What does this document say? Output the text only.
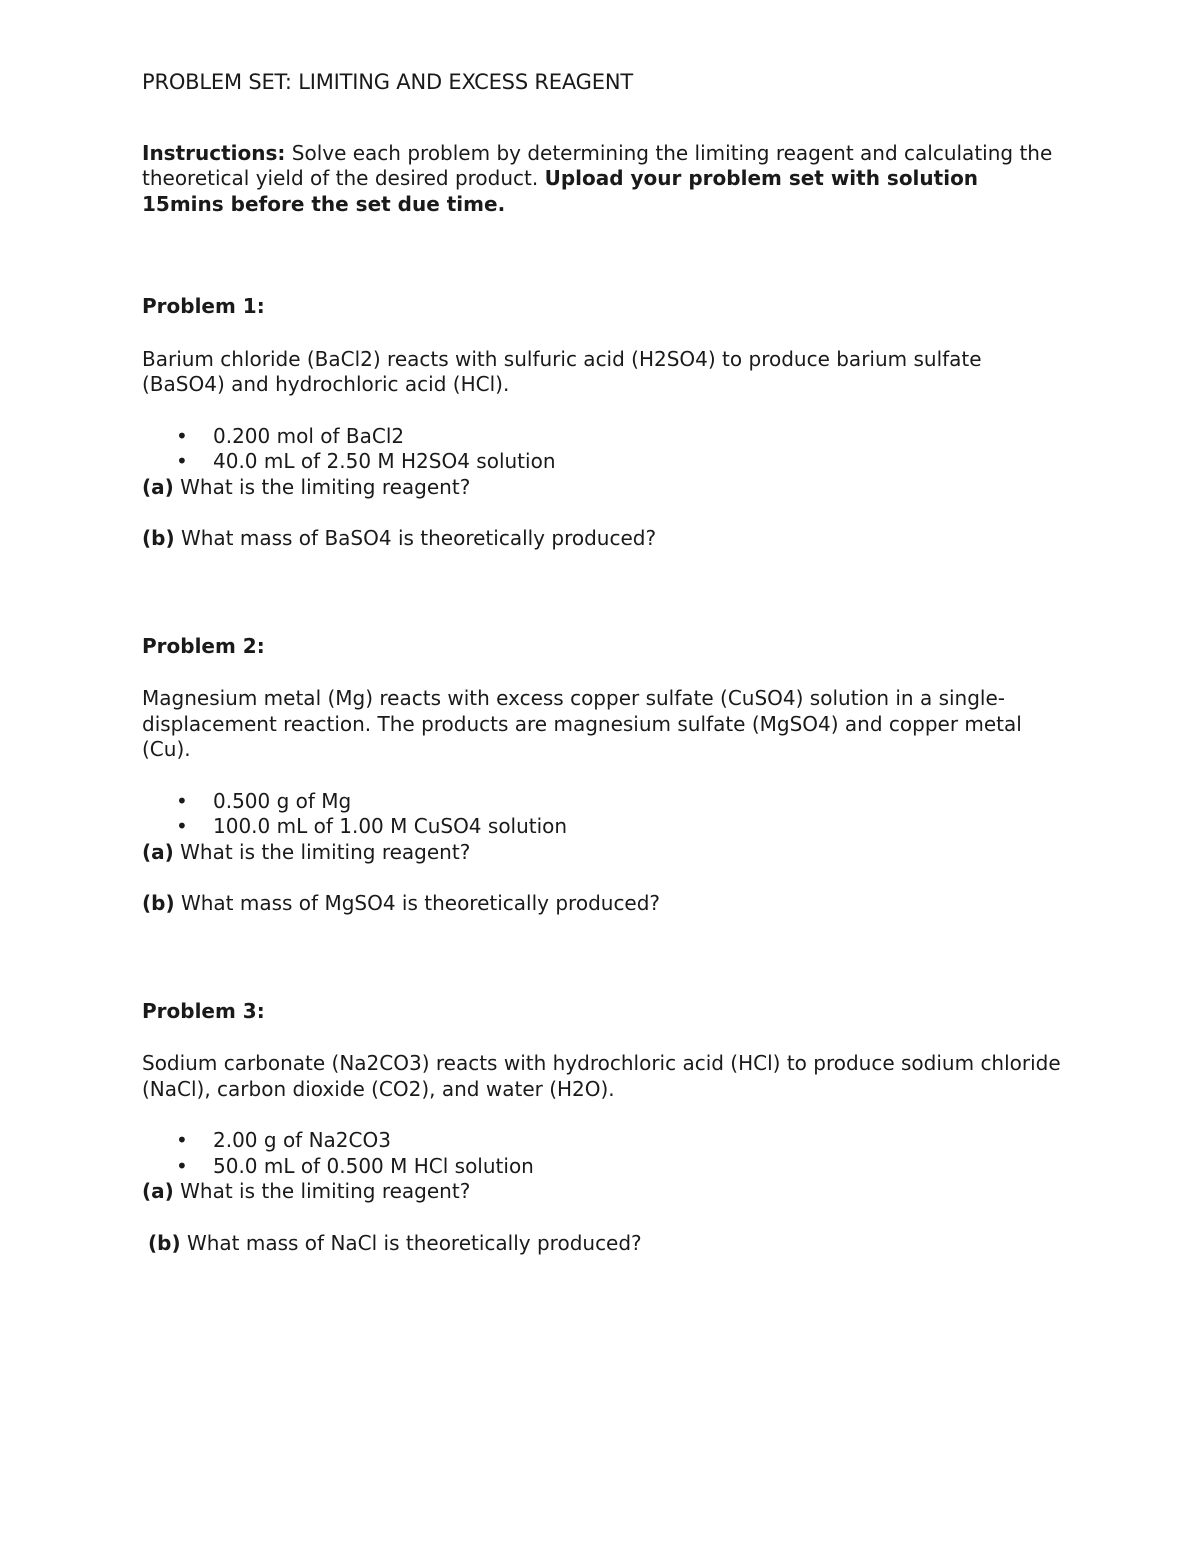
PROBLEM SET: LIMITING AND EXCESS REAGENT
Instructions: Solve each problem by determining the limiting reagent and calculating the theoretical yield of the desired product. Upload your problem set with solution 15mins before the set due time.

Problem 1:

Barium chloride (BaCl2) reacts with sulfuric acid (H2SO4) to produce barium sulfate (BaSO4) and hydrochloric acid (HCl).
• 0.200 mol of BaCl2
• 40.0 mL of 2.50 M H2SO4 solution

(a) What is the limiting reagent?

(b) What mass of BaSO4 is theoretically produced?

Problem 2:

Magnesium metal (Mg) reacts with excess copper sulfate (CuSO4) solution in a single-displacement reaction. The products are magnesium sulfate (MgSO4) and copper metal (Cu).
• 0.500 g of Mg
• 100.0 mL of 1.00 M CuSO4 solution

(a) What is the limiting reagent?

(b) What mass of MgSO4 is theoretically produced?

Problem 3:

Sodium carbonate (Na2CO3) reacts with hydrochloric acid (HCl) to produce sodium chloride (NaCl), carbon dioxide (CO2), and water (H2O).
• 2.00 g of Na2CO3
• 50.0 mL of 0.500 M HCl solution

(a) What is the limiting reagent?

(b) What mass of NaCl is theoretically produced?
